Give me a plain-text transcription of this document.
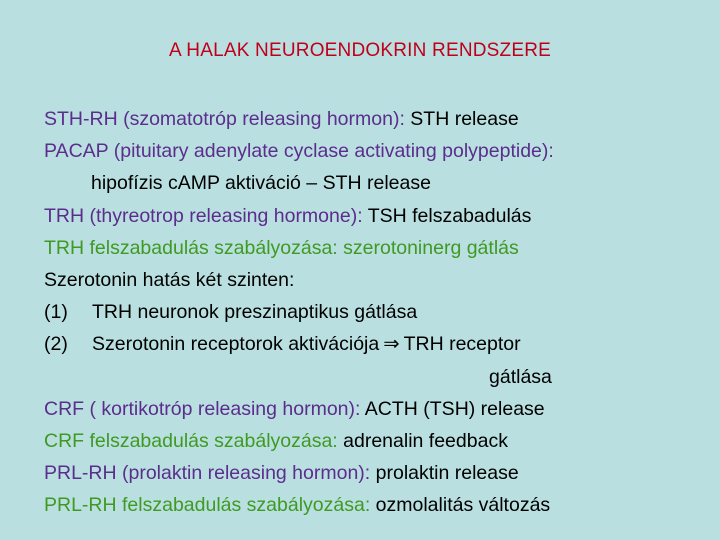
A HALAK NEUROENDOKRIN RENDSZERE
STH-RH (szomatotróp releasing hormon): STH release
PACAP (pituitary adenylate cyclase activating polypeptide):
hipofízis cAMP aktiváció – STH release
TRH (thyreotrop releasing hormone): TSH felszabadulás
TRH felszabadulás szabályozása: szerotoninerg gátlás
Szerotonin hatás két szinten:
(1) TRH neuronok preszinaptikus gátlása
(2) Szerotonin receptorok aktivációja ⇒ TRH receptor
gátlása
CRF ( kortikotróp releasing hormon): ACTH (TSH) release
CRF felszabadulás szabályozása: adrenalin feedback
PRL-RH (prolaktin releasing hormon): prolaktin release
PRL-RH felszabadulás szabályozása: ozmolalitás változás
